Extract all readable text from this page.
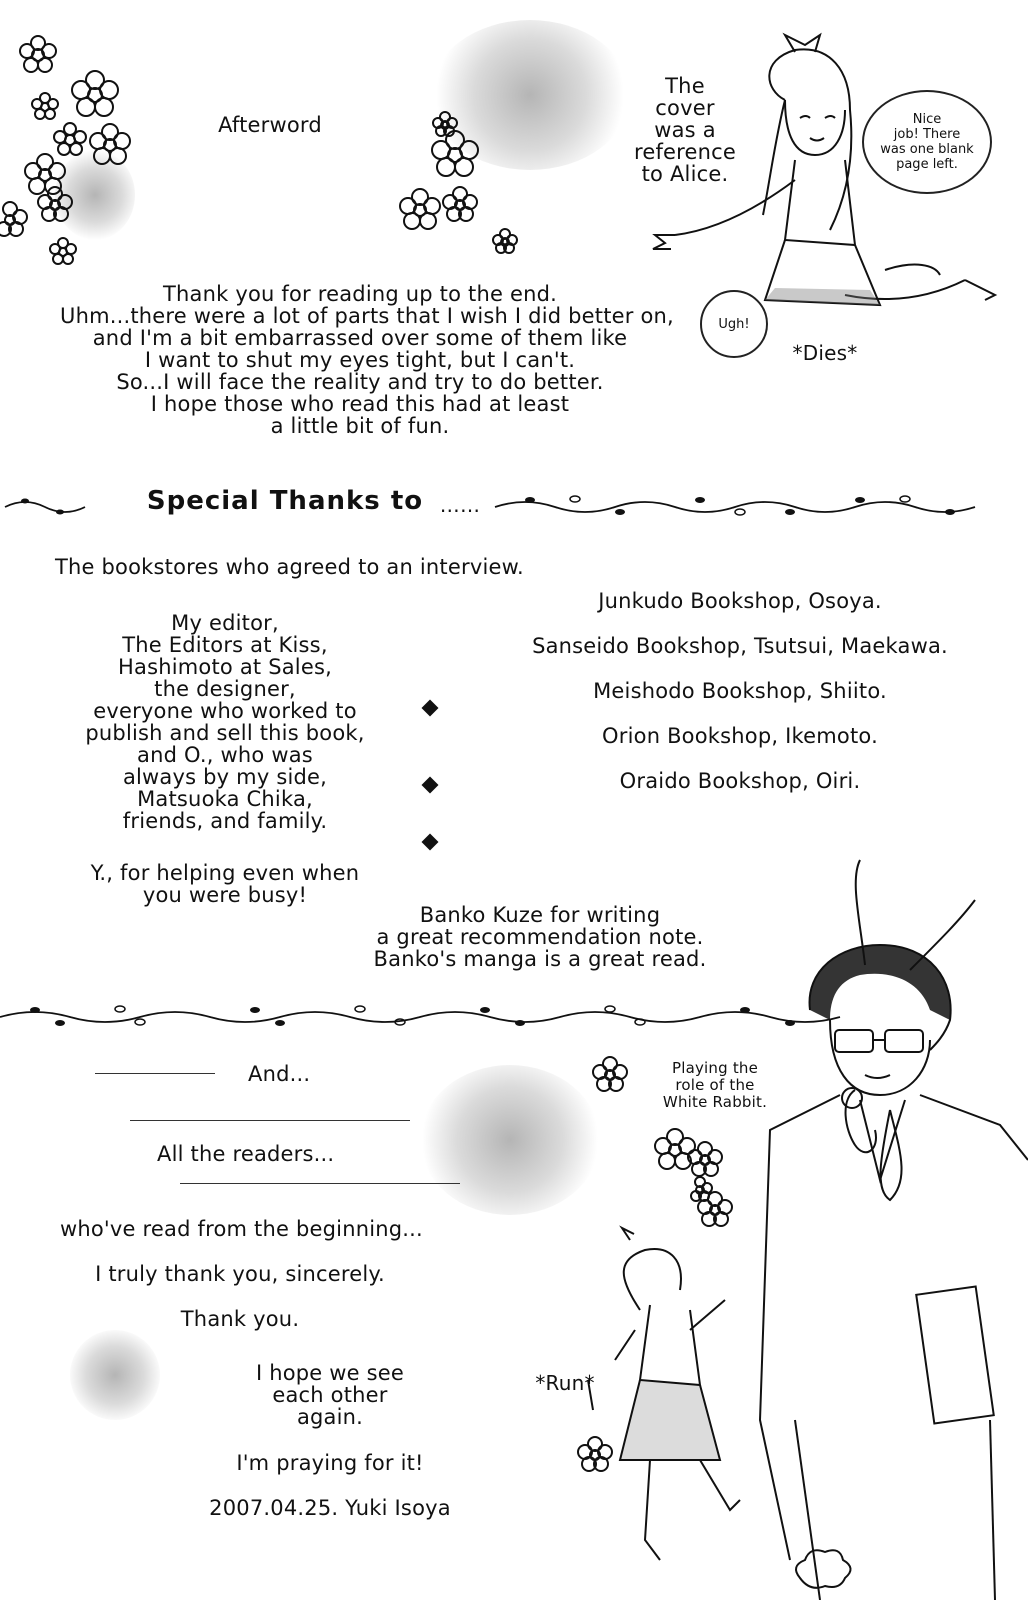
Afterword
Thank you for reading up to the end.
Uhm...there were a lot of parts that I wish I did better on,
and I'm a bit embarrassed over some of them like
I want to shut my eyes tight, but I can't.
So...I will face the reality and try to do better.
I hope those who read this had at least
a little bit of fun.
The
cover
was a
reference
to Alice.
Nice
job! There
was one blank
page left.
Ugh!
*Dies*
Special Thanks to ……
The bookstores who agreed to an interview.
My editor,
The Editors at Kiss,
Hashimoto at Sales,
the designer,
everyone who worked to
publish and sell this book,
and O., who was
always by my side,
Matsuoka Chika,
friends, and family.
Y., for helping even when
you were busy!
Junkudo Bookshop, Osoya.
Sanseido Bookshop, Tsutsui, Maekawa.
Meishodo Bookshop, Shiito.
Orion Bookshop, Ikemoto.
Oraido Bookshop, Oiri.
Banko Kuze for writing
a great recommendation note.
Banko's manga is a great read.
And...
All the readers...
who've read from the beginning...
I truly thank you, sincerely.
Thank you.
I hope we see
each other
again.
I'm praying for it!
2007.04.25. Yuki Isoya
Playing the
role of the
White Rabbit.
*Run*
